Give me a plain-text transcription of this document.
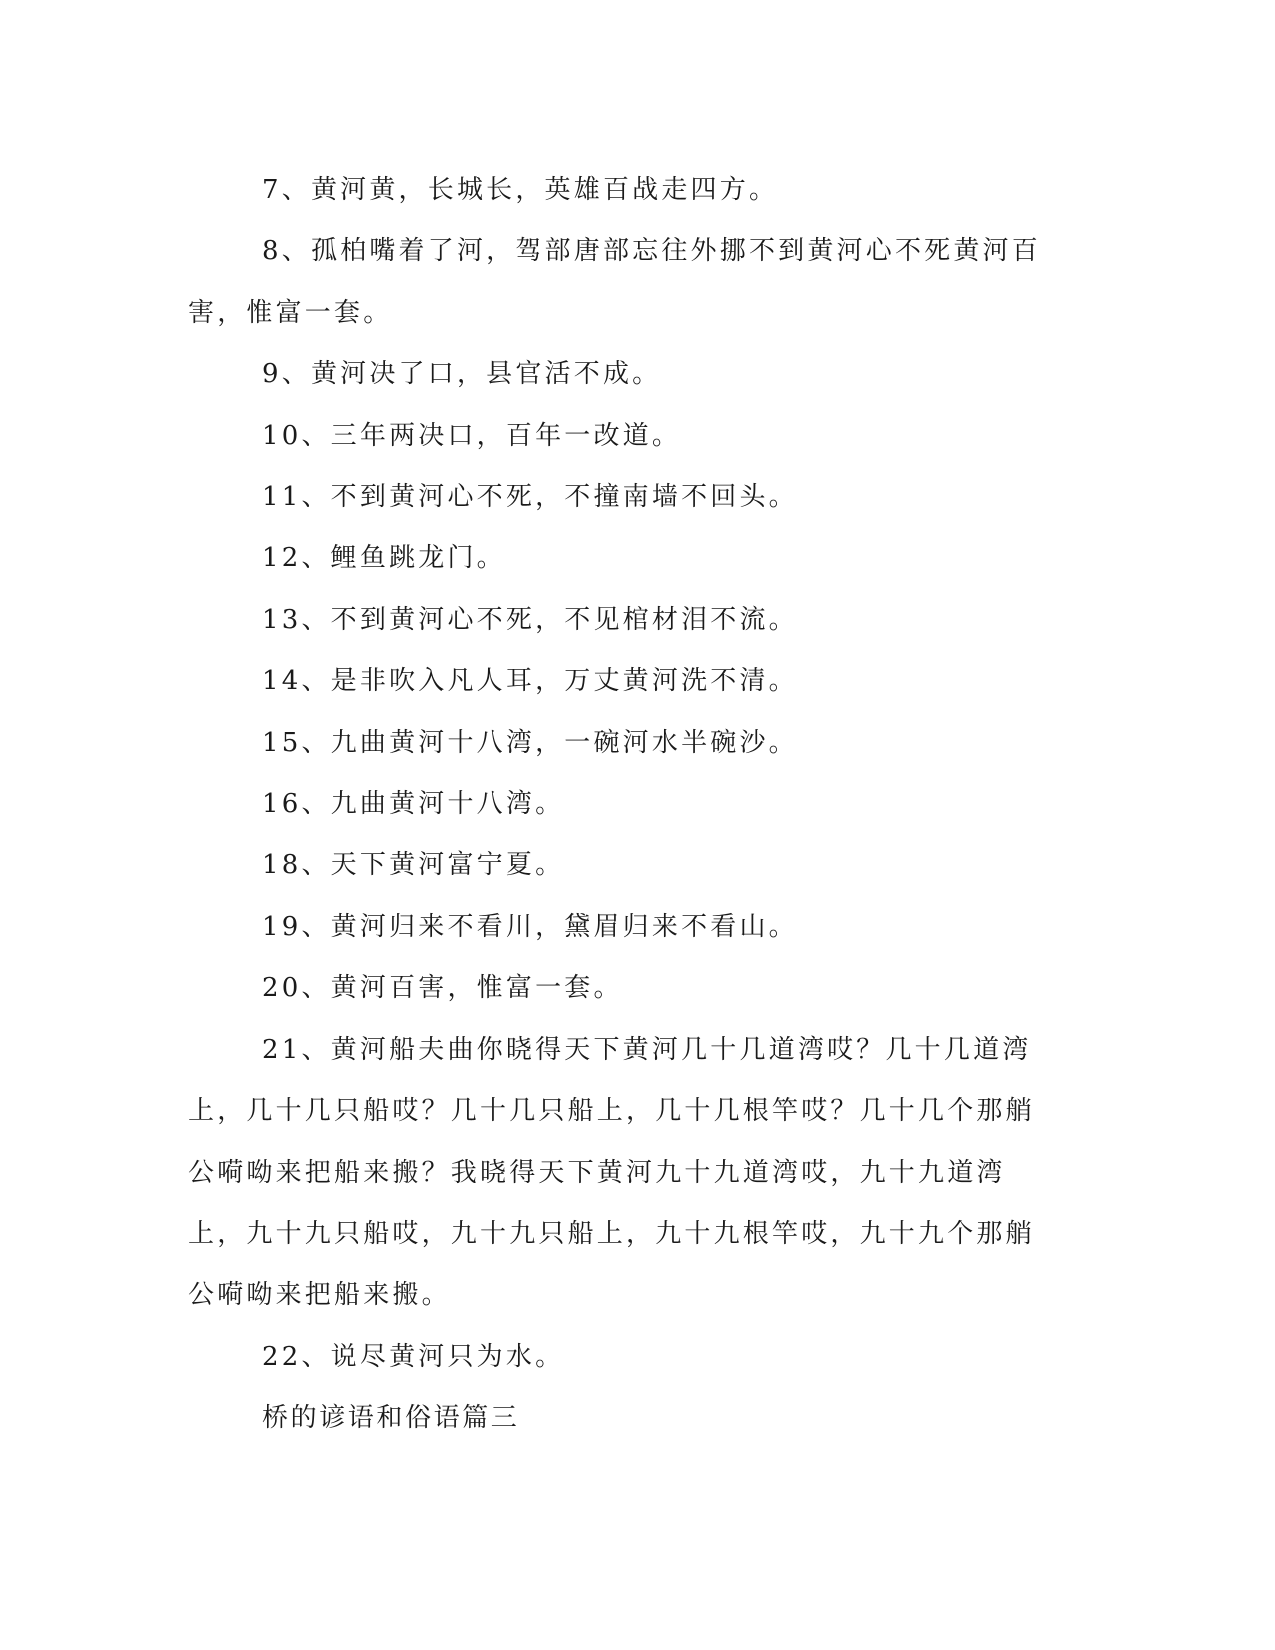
7、黄河黄，长城长，英雄百战走四方。

8、孤柏嘴着了河，驾部唐部忘往外挪不到黄河心不死黄河百害，惟富一套。

9、黄河决了口，县官活不成。

10、三年两决口，百年一改道。

11、不到黄河心不死，不撞南墙不回头。

12、鲤鱼跳龙门。

13、不到黄河心不死，不见棺材泪不流。

14、是非吹入凡人耳，万丈黄河洗不清。

15、九曲黄河十八湾，一碗河水半碗沙。

16、九曲黄河十八湾。

18、天下黄河富宁夏。

19、黄河归来不看川，黛眉归来不看山。

20、黄河百害，惟富一套。

21、黄河船夫曲你晓得天下黄河几十几道湾哎？几十几道湾上，几十几只船哎？几十几只船上，几十几根竿哎？几十几个那艄公嗬呦来把船来搬？我晓得天下黄河九十九道湾哎，九十九道湾上，九十九只船哎，九十九只船上，九十九根竿哎，九十九个那艄公嗬呦来把船来搬。

22、说尽黄河只为水。

桥的谚语和俗语篇三
